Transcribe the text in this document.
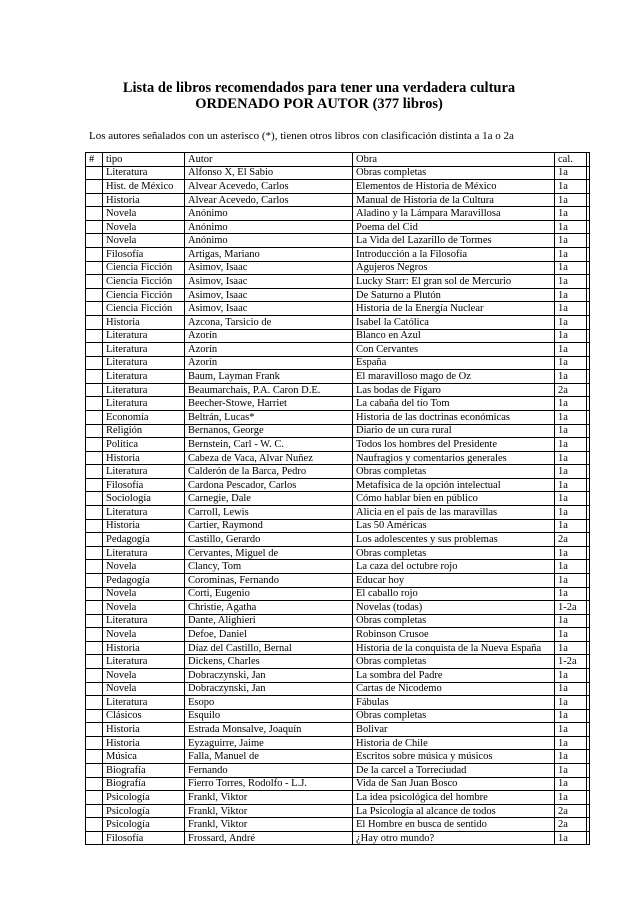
Lista de libros recomendados para tener una verdadera cultura
ORDENADO POR AUTOR (377 libros)
Los autores señalados con un asterisco (*), tienen otros libros con clasificación distinta a 1a o 2a
#	tipo	Autor	Obra	cal.	
	Literatura	Alfonso X, El Sabio	Obras completas	1a	
	Hist. de México	Alvear Acevedo, Carlos	Elementos de Historia de México	1a	
	Historia	Alvear Acevedo, Carlos	Manual de Historia de la Cultura	1a	
	Novela	Anónimo	Aladino y la Lámpara Maravillosa	1a	
	Novela	Anónimo	Poema del Cid	1a	
	Novela	Anónimo	La Vida del Lazarillo de Tormes	1a	
	Filosofía	Artigas, Mariano	Introducción a la Filosofía	1a	
	Ciencia Ficción	Asimov, Isaac	Agujeros Negros	1a	
	Ciencia Ficción	Asimov, Isaac	Lucky Starr: El gran sol de Mercurio	1a	
	Ciencia Ficción	Asimov, Isaac	De Saturno a Plutón	1a	
	Ciencia Ficción	Asimov, Isaac	Historia de la Energía Nuclear	1a	
	Historia	Azcona, Tarsicio de	Isabel la Católica	1a	
	Literatura	Azorín	Blanco en Azul	1a	
	Literatura	Azorín	Con Cervantes	1a	
	Literatura	Azorín	España	1a	
	Literatura	Baum, Layman Frank	El maravilloso mago de Oz	1a	
	Literatura	Beaumarchais, P.A. Caron D.E.	Las bodas de Fígaro	2a	
	Literatura	Beecher-Stowe, Harriet	La cabaña del tío Tom	1a	
	Economía	Beltrán, Lucas*	Historia de las doctrinas económicas	1a	
	Religión	Bernanos, George	Diario de un cura rural	1a	
	Política	Bernstein, Carl - W. C.	Todos los hombres del Presidente	1a	
	Historia	Cabeza de Vaca, Alvar Nuñez	Naufragios y comentarios generales	1a	
	Literatura	Calderón de la Barca, Pedro	Obras completas	1a	
	Filosofía	Cardona Pescador, Carlos	Metafísica de la opción intelectual	1a	
	Sociología	Carnegie, Dale	Cómo hablar bien en público	1a	
	Literatura	Carroll, Lewis	Alicia en el país de las maravillas	1a	
	Historia	Cartier, Raymond	Las 50 Américas	1a	
	Pedagogía	Castillo, Gerardo	Los adolescentes y sus problemas	2a	
	Literatura	Cervantes, Miguel de	Obras completas	1a	
	Novela	Clancy, Tom	La caza del octubre rojo	1a	
	Pedagogía	Corominas, Fernando	Educar hoy	1a	
	Novela	Corti, Eugenio	El caballo rojo	1a	
	Novela	Christie, Agatha	Novelas (todas)	1-2a	
	Literatura	Dante, Alighieri	Obras completas	1a	
	Novela	Defoe, Daniel	Robinson Crusoe	1a	
	Historia	Díaz del Castillo, Bernal	Historia de la conquista de la Nueva España	1a	
	Literatura	Dickens, Charles	Obras completas	1-2a	
	Novela	Dobraczynski, Jan	La sombra del Padre	1a	
	Novela	Dobraczynski, Jan	Cartas de Nicodemo	1a	
	Literatura	Esopo	Fábulas	1a	
	Clásicos	Esquilo	Obras completas	1a	
	Historia	Estrada Monsalve, Joaquín	Bolivar	1a	
	Historia	Eyzaguirre, Jaime	Historia de Chile	1a	
	Música	Falla, Manuel de	Escritos sobre música y músicos	1a	
	Biografía	Fernando	De la carcel a Torreciudad	1a	
	Biografía	Fierro Torres, Rodolfo - L.J.	Vida de San Juan Bosco	1a	
	Psicología	Frankl, Viktor	La idea psicológica del hombre	1a	
	Psicología	Frankl, Viktor	La Psicología al alcance de todos	2a	
	Psicología	Frankl, Viktor	El Hombre en busca de sentido	2a	
	Filosofía	Frossard, André	¿Hay otro mundo?	1a	
